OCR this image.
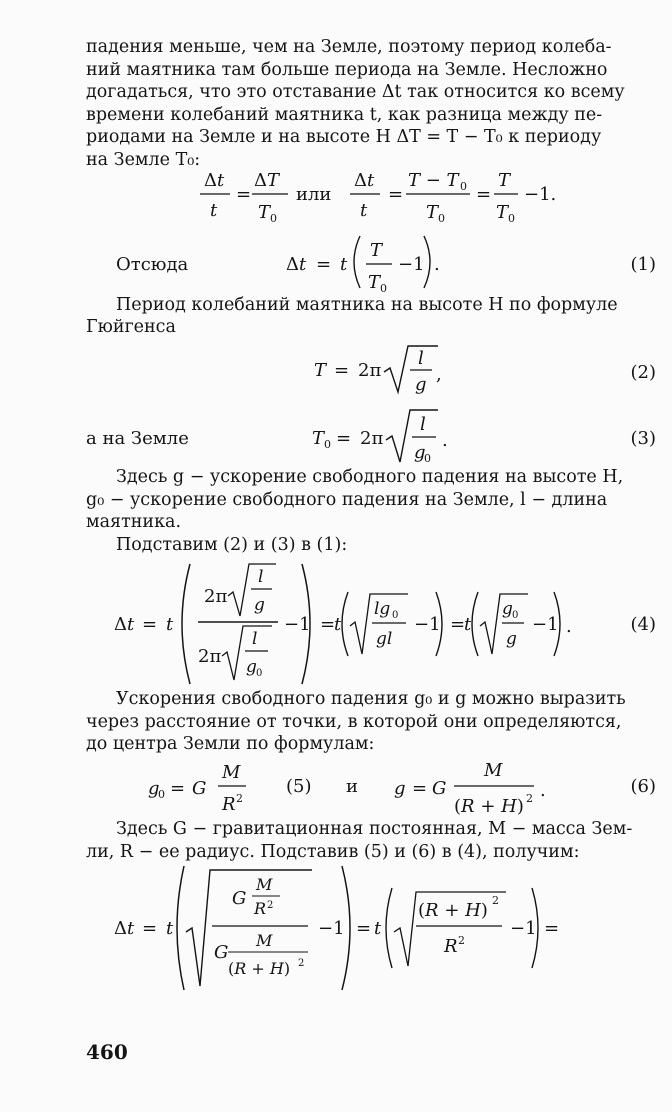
падения меньше, чем на Земле, поэтому период колеба-
ний маятника там больше периода на Земле. Несложно
догадаться, что это отставание Δt так относится ко всему
времени колебаний маятника t, как разница между пе-
риодами на Земле и на высоте H ΔT = T − T₀ к периоду
на Земле T₀:
Δt
t
=
ΔT
T 0
или
Δt
t
=
T − T 0
T 0
=
T
T 0
−1.
Отсюда	Δt = t
T
T 0
−1 .	(1)
Период колебаний маятника на высоте H по формуле
Гюйгенса
T = 2π
l
g ,	(2)
а на Земле	T 0 = 2π
l
g
0
.	(3)
Здесь g − ускорение свободного падения на высоте H,
g₀ − ускорение свободного падения на Земле, l − длина
маятника.
Подставим (2) и (3) в (1):
Δt = t
2π
l
g
2π
l
g 0
−1 =
t
lg 0
gl
−1 =
t
g 0
g
−1 .	(4)
Ускорения свободного падения g₀ и g можно выразить
через расстояние от точки, в которой они определяются,
до центра Земли по формулам:
g
0 = G
M
R 2
(5) и g = G
M
(R + H) 2 .	(6)
Здесь G − гравитационная постоянная, M − масса Зем-
ли, R − ее радиус. Подставив (5) и (6) в (4), получим:
Δt = t
G
M
R 2
G
M
(R + H) 2
−1 = t
(R + H) 2
R 2
−1 =
460
